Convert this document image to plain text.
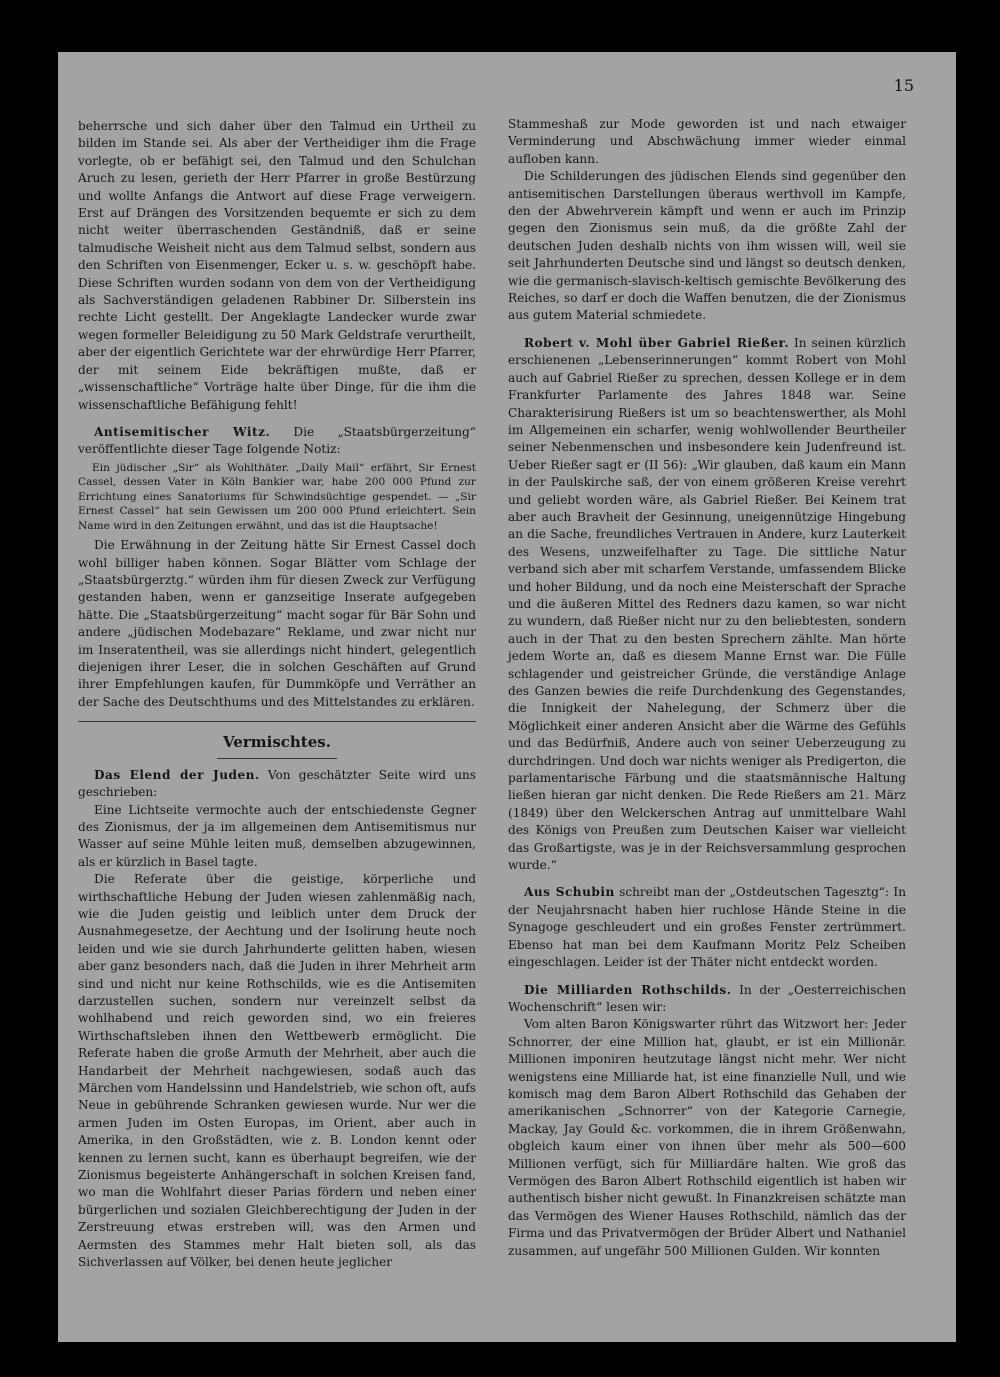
15

beherrsche und sich daher über den Talmud ein Urtheil zu bilden im Stande sei. Als aber der Vertheidiger ihm die Frage vorlegte, ob er befähigt sei, den Talmud und den Schulchan Aruch zu lesen, gerieth der Herr Pfarrer in große Bestürzung und wollte Anfangs die Antwort auf diese Frage verweigern. Erst auf Drängen des Vorsitzenden bequemte er sich zu dem nicht weiter überraschenden Geständniß, daß er seine talmudische Weisheit nicht aus dem Talmud selbst, sondern aus den Schriften von Eisenmenger, Ecker u. s. w. geschöpft habe. Diese Schriften wurden sodann von dem von der Vertheidigung als Sachverständigen geladenen Rabbiner Dr. Silberstein ins rechte Licht gestellt. Der Angeklagte Landecker wurde zwar wegen formeller Beleidigung zu 50 Mark Geldstrafe verurtheilt, aber der eigentlich Gerichtete war der ehrwürdige Herr Pfarrer, der mit seinem Eide bekräftigen mußte, daß er „wissenschaftliche“ Vorträge halte über Dinge, für die ihm die wissenschaftliche Befähigung fehlt!

Antisemitischer Witz. Die „Staatsbürgerzeitung“ veröffentlichte dieser Tage folgende Notiz:

Ein jüdischer „Sir“ als Wohlthäter. „Daily Mail“ erfährt, Sir Ernest Cassel, dessen Vater in Köln Bankier war, habe 200 000 Pfund zur Errichtung eines Sanatoriums für Schwindsüchtige gespendet. — „Sir Ernest Cassel“ hat sein Gewissen um 200 000 Pfund erleichtert. Sein Name wird in den Zeitungen erwähnt, und das ist die Hauptsache!

Die Erwähnung in der Zeitung hätte Sir Ernest Cassel doch wohl billiger haben können. Sogar Blätter vom Schlage der „Staatsbürgerztg.“ würden ihm für diesen Zweck zur Verfügung gestanden haben, wenn er ganzseitige Inserate aufgegeben hätte. Die „Staatsbürgerzeitung“ macht sogar für Bär Sohn und andere „jüdischen Modebazare“ Reklame, und zwar nicht nur im Inseratentheil, was sie allerdings nicht hindert, gelegentlich diejenigen ihrer Leser, die in solchen Geschäften auf Grund ihrer Empfehlungen kaufen, für Dummköpfe und Verräther an der Sache des Deutschthums und des Mittelstandes zu erklären.

Vermischtes.

Das Elend der Juden. Von geschätzter Seite wird uns geschrieben:

Eine Lichtseite vermochte auch der entschiedenste Gegner des Zionismus, der ja im allgemeinen dem Antisemitismus nur Wasser auf seine Mühle leiten muß, demselben abzugewinnen, als er kürzlich in Basel tagte.

Die Referate über die geistige, körperliche und wirthschaftliche Hebung der Juden wiesen zahlenmäßig nach, wie die Juden geistig und leiblich unter dem Druck der Ausnahmegesetze, der Aechtung und der Isolirung heute noch leiden und wie sie durch Jahrhunderte gelitten haben, wiesen aber ganz besonders nach, daß die Juden in ihrer Mehrheit arm sind und nicht nur keine Rothschilds, wie es die Antisemiten darzustellen suchen, sondern nur vereinzelt selbst da wohlhabend und reich geworden sind, wo ein freieres Wirthschaftsleben ihnen den Wettbewerb ermöglicht. Die Referate haben die große Armuth der Mehrheit, aber auch die Handarbeit der Mehrheit nachgewiesen, sodaß auch das Märchen vom Handelssinn und Handelstrieb, wie schon oft, aufs Neue in gebührende Schranken gewiesen wurde. Nur wer die armen Juden im Osten Europas, im Orient, aber auch in Amerika, in den Großstädten, wie z. B. London kennt oder kennen zu lernen sucht, kann es überhaupt begreifen, wie der Zionismus begeisterte Anhängerschaft in solchen Kreisen fand, wo man die Wohlfahrt dieser Parias fördern und neben einer bürgerlichen und sozialen Gleichberechtigung der Juden in der Zerstreuung etwas erstreben will, was den Armen und Aermsten des Stammes mehr Halt bieten soll, als das Sichverlassen auf Völker, bei denen heute jeglicher

Stammeshaß zur Mode geworden ist und nach etwaiger Verminderung und Abschwächung immer wieder einmal aufloben kann.

Die Schilderungen des jüdischen Elends sind gegenüber den antisemitischen Darstellungen überaus werthvoll im Kampfe, den der Abwehrverein kämpft und wenn er auch im Prinzip gegen den Zionismus sein muß, da die größte Zahl der deutschen Juden deshalb nichts von ihm wissen will, weil sie seit Jahrhunderten Deutsche sind und längst so deutsch denken, wie die germanisch-slavisch-keltisch gemischte Bevölkerung des Reiches, so darf er doch die Waffen benutzen, die der Zionismus aus gutem Material schmiedete.

Robert v. Mohl über Gabriel Rießer. In seinen kürzlich erschienenen „Lebenserinnerungen“ kommt Robert von Mohl auch auf Gabriel Rießer zu sprechen, dessen Kollege er in dem Frankfurter Parlamente des Jahres 1848 war. Seine Charakterisirung Rießers ist um so beachtenswerther, als Mohl im Allgemeinen ein scharfer, wenig wohlwollender Beurtheiler seiner Nebenmenschen und insbesondere kein Judenfreund ist. Ueber Rießer sagt er (II 56): „Wir glauben, daß kaum ein Mann in der Paulskirche saß, der von einem größeren Kreise verehrt und geliebt worden wäre, als Gabriel Rießer. Bei Keinem trat aber auch Bravheit der Gesinnung, uneigennützige Hingebung an die Sache, freundliches Vertrauen in Andere, kurz Lauterkeit des Wesens, unzweifelhafter zu Tage. Die sittliche Natur verband sich aber mit scharfem Verstande, umfassendem Blicke und hoher Bildung, und da noch eine Meisterschaft der Sprache und die äußeren Mittel des Redners dazu kamen, so war nicht zu wundern, daß Rießer nicht nur zu den beliebtesten, sondern auch in der That zu den besten Sprechern zählte. Man hörte jedem Worte an, daß es diesem Manne Ernst war. Die Fülle schlagender und geistreicher Gründe, die verständige Anlage des Ganzen bewies die reife Durchdenkung des Gegenstandes, die Innigkeit der Nahelegung, der Schmerz über die Möglichkeit einer anderen Ansicht aber die Wärme des Gefühls und das Bedürfniß, Andere auch von seiner Ueberzeugung zu durchdringen. Und doch war nichts weniger als Predigerton, die parlamentarische Färbung und die staatsmännische Haltung ließen hieran gar nicht denken. Die Rede Rießers am 21. März (1849) über den Welckerschen Antrag auf unmittelbare Wahl des Königs von Preußen zum Deutschen Kaiser war vielleicht das Großartigste, was je in der Reichsversammlung gesprochen wurde.“

Aus Schubin schreibt man der „Ostdeutschen Tagesztg“: In der Neujahrsnacht haben hier ruchlose Hände Steine in die Synagoge geschleudert und ein großes Fenster zertrümmert. Ebenso hat man bei dem Kaufmann Moritz Pelz Scheiben eingeschlagen. Leider ist der Thäter nicht entdeckt worden.

Die Milliarden Rothschilds. In der „Oesterreichischen Wochenschrift“ lesen wir:

Vom alten Baron Königswarter rührt das Witzwort her: Jeder Schnorrer, der eine Million hat, glaubt, er ist ein Millionär. Millionen imponiren heutzutage längst nicht mehr. Wer nicht wenigstens eine Milliarde hat, ist eine finanzielle Null, und wie komisch mag dem Baron Albert Rothschild das Gehaben der amerikanischen „Schnorrer“ von der Kategorie Carnegie, Mackay, Jay Gould &c. vorkommen, die in ihrem Größenwahn, obgleich kaum einer von ihnen über mehr als 500—600 Millionen verfügt, sich für Milliardäre halten. Wie groß das Vermögen des Baron Albert Rothschild eigentlich ist haben wir authentisch bisher nicht gewußt. In Finanzkreisen schätzte man das Vermögen des Wiener Hauses Rothschild, nämlich das der Firma und das Privatvermögen der Brüder Albert und Nathaniel zusammen, auf ungefähr 500 Millionen Gulden. Wir konnten
